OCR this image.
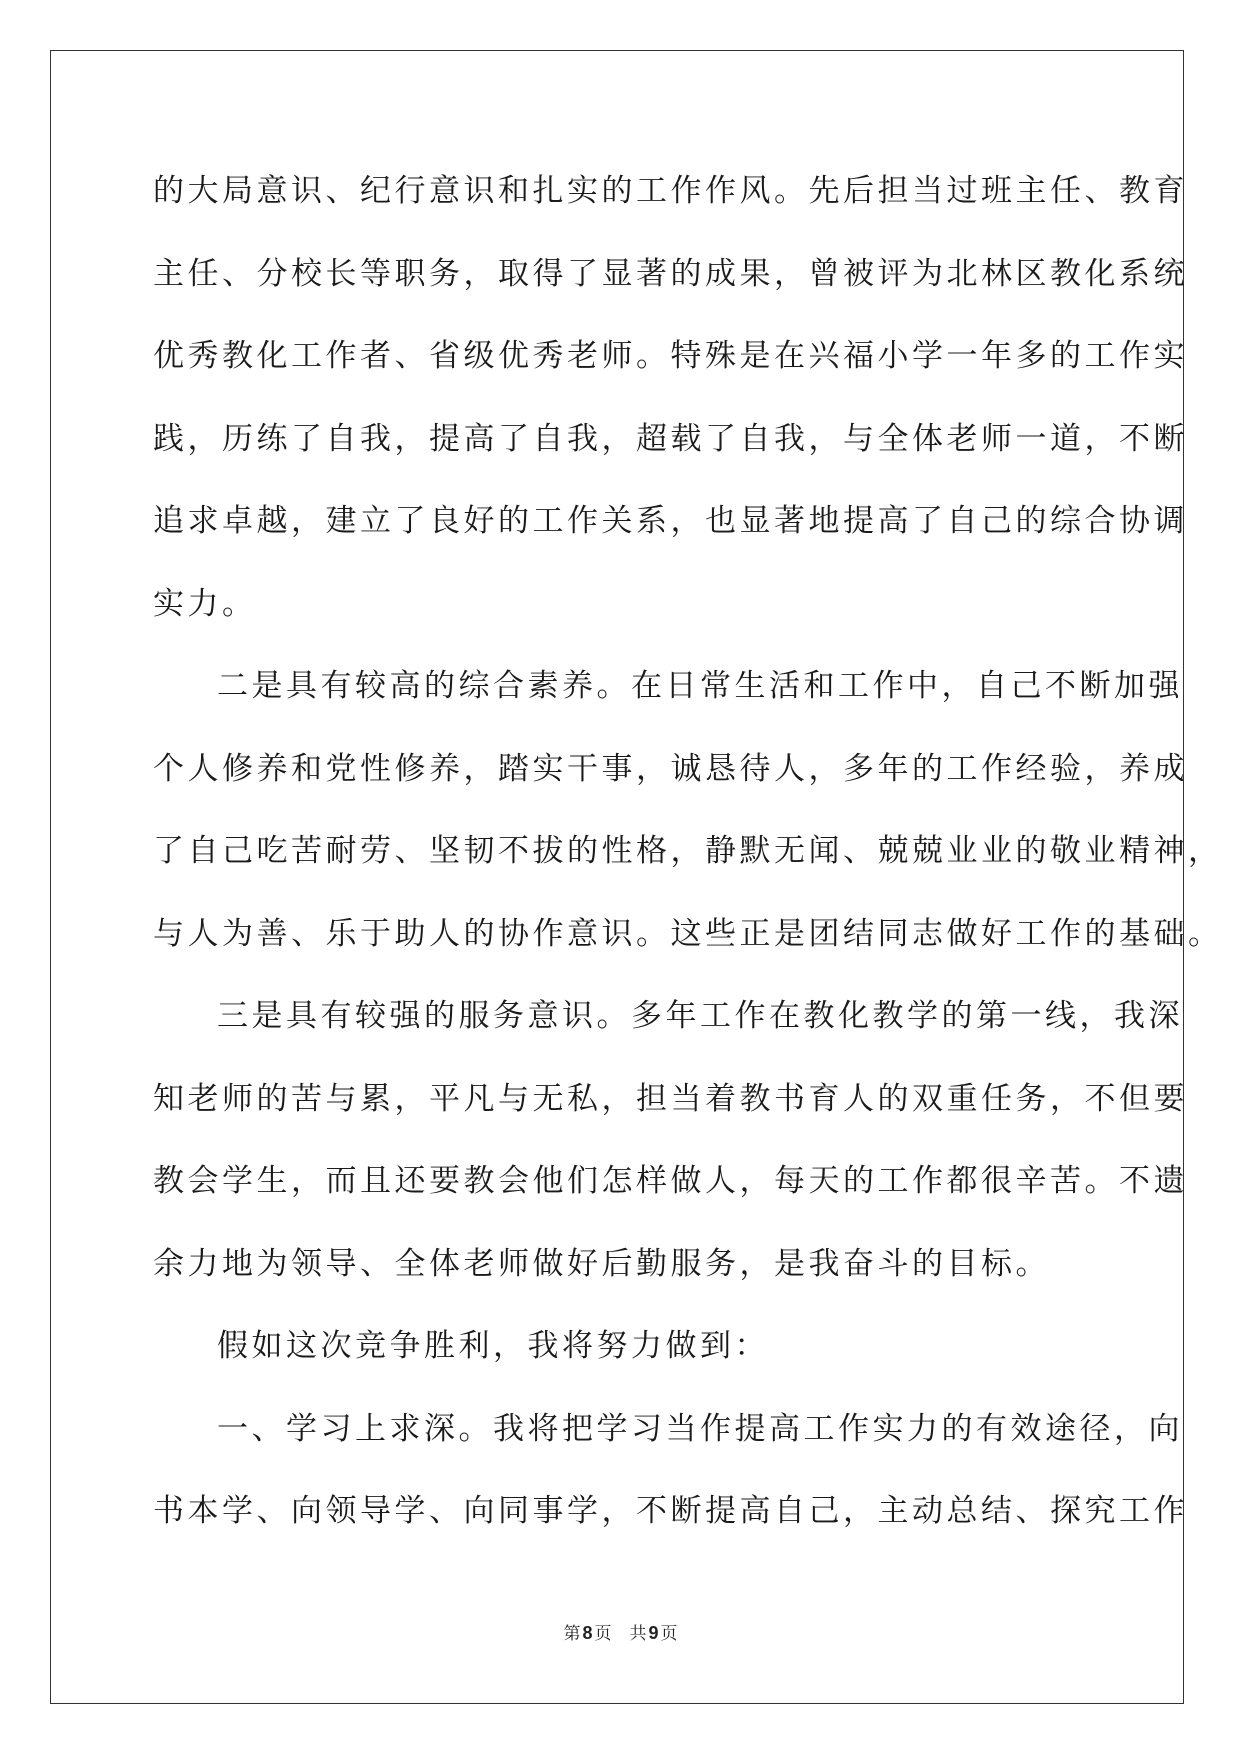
的大局意识、纪行意识和扎实的工作作风。先后担当过班主任、教育
主任、分校长等职务，取得了显著的成果，曾被评为北林区教化系统
优秀教化工作者、省级优秀老师。特殊是在兴福小学一年多的工作实
践，历练了自我，提高了自我，超载了自我，与全体老师一道，不断
追求卓越，建立了良好的工作关系，也显著地提高了自己的综合协调
实力。
二是具有较高的综合素养。在日常生活和工作中，自己不断加强
个人修养和党性修养，踏实干事，诚恳待人，多年的工作经验，养成
了自己吃苦耐劳、坚韧不拔的性格，静默无闻、兢兢业业的敬业精神，
与人为善、乐于助人的协作意识。这些正是团结同志做好工作的基础。
三是具有较强的服务意识。多年工作在教化教学的第一线，我深
知老师的苦与累，平凡与无私，担当着教书育人的双重任务，不但要
教会学生，而且还要教会他们怎样做人，每天的工作都很辛苦。不遗
余力地为领导、全体老师做好后勤服务，是我奋斗的目标。
假如这次竞争胜利，我将努力做到：
一、学习上求深。我将把学习当作提高工作实力的有效途径，向
书本学、向领导学、向同事学，不断提高自己，主动总结、探究工作
第 8 页 共 9 页
